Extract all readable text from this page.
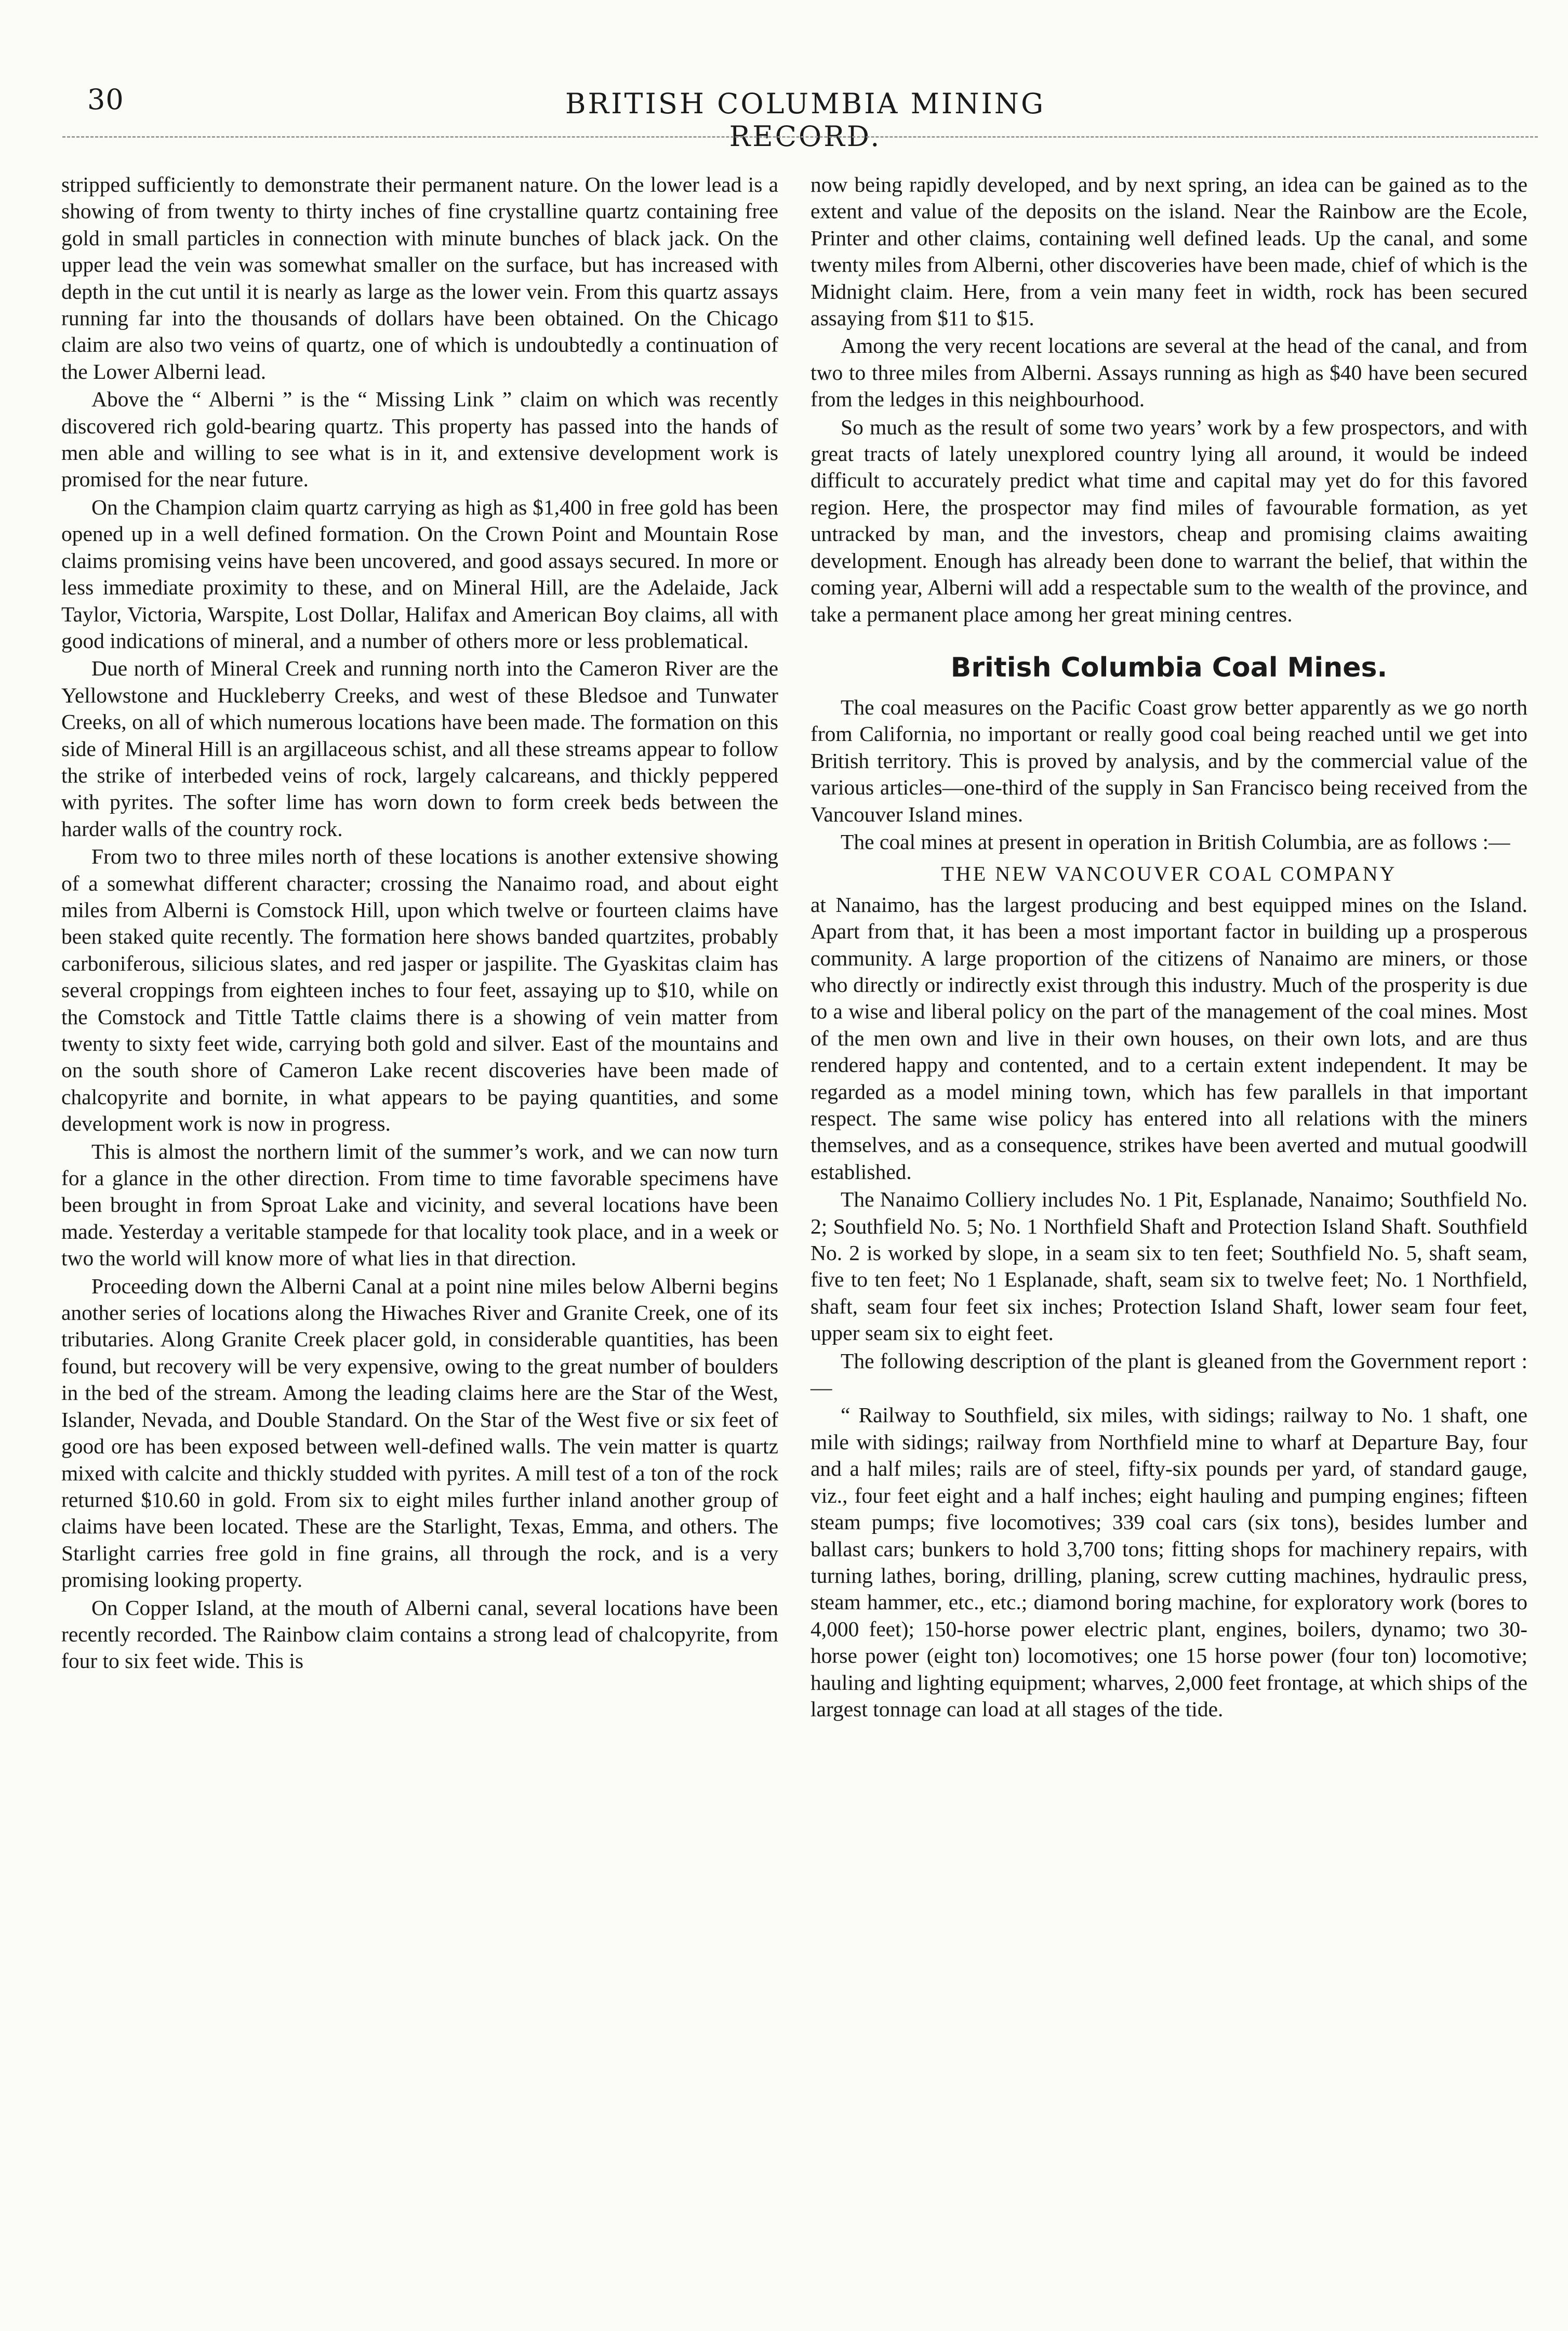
30	BRITISH COLUMBIA MINING RECORD.

stripped sufficiently to demonstrate their permanent nature. On the lower lead is a showing of from twenty to thirty inches of fine crystalline quartz containing free gold in small particles in connection with minute bunches of black jack. On the upper lead the vein was somewhat smaller on the surface, but has increased with depth in the cut until it is nearly as large as the lower vein. From this quartz assays running far into the thousands of dollars have been obtained. On the Chicago claim are also two veins of quartz, one of which is undoubtedly a continuation of the Lower Alberni lead.

Above the “ Alberni ” is the “ Missing Link ” claim on which was recently discovered rich gold-bearing quartz. This property has passed into the hands of men able and willing to see what is in it, and extensive development work is promised for the near future.

On the Champion claim quartz carrying as high as $1,400 in free gold has been opened up in a well defined formation. On the Crown Point and Mountain Rose claims promising veins have been uncovered, and good assays secured. In more or less immediate proximity to these, and on Mineral Hill, are the Adelaide, Jack Taylor, Victoria, Warspite, Lost Dollar, Halifax and American Boy claims, all with good indications of mineral, and a number of others more or less problematical.

Due north of Mineral Creek and running north into the Cameron River are the Yellowstone and Huckleberry Creeks, and west of these Bledsoe and Tunwater Creeks, on all of which numerous locations have been made. The formation on this side of Mineral Hill is an argillaceous schist, and all these streams appear to follow the strike of interbeded veins of rock, largely calcareans, and thickly peppered with pyrites. The softer lime has worn down to form creek beds between the harder walls of the country rock.

From two to three miles north of these locations is another extensive showing of a somewhat different character; crossing the Nanaimo road, and about eight miles from Alberni is Comstock Hill, upon which twelve or fourteen claims have been staked quite recently. The formation here shows banded quartzites, probably carboniferous, silicious slates, and red jasper or jaspilite. The Gyaskitas claim has several croppings from eighteen inches to four feet, assaying up to $10, while on the Comstock and Tittle Tattle claims there is a showing of vein matter from twenty to sixty feet wide, carrying both gold and silver. East of the mountains and on the south shore of Cameron Lake recent discoveries have been made of chalcopyrite and bornite, in what appears to be paying quantities, and some development work is now in progress.

This is almost the northern limit of the summer’s work, and we can now turn for a glance in the other direction. From time to time favorable specimens have been brought in from Sproat Lake and vicinity, and several locations have been made. Yesterday a veritable stampede for that locality took place, and in a week or two the world will know more of what lies in that direction.

Proceeding down the Alberni Canal at a point nine miles below Alberni begins another series of locations along the Hiwaches River and Granite Creek, one of its tributaries. Along Granite Creek placer gold, in considerable quantities, has been found, but recovery will be very expensive, owing to the great number of boulders in the bed of the stream. Among the leading claims here are the Star of the West, Islander, Nevada, and Double Standard. On the Star of the West five or six feet of good ore has been exposed between well-defined walls. The vein matter is quartz mixed with calcite and thickly studded with pyrites. A mill test of a ton of the rock returned $10.60 in gold. From six to eight miles further inland another group of claims have been located. These are the Starlight, Texas, Emma, and others. The Starlight carries free gold in fine grains, all through the rock, and is a very promising looking property.

On Copper Island, at the mouth of Alberni canal, several locations have been recently recorded. The Rainbow claim contains a strong lead of chalcopyrite, from four to six feet wide. This is

now being rapidly developed, and by next spring, an idea can be gained as to the extent and value of the deposits on the island. Near the Rainbow are the Ecole, Printer and other claims, containing well defined leads. Up the canal, and some twenty miles from Alberni, other discoveries have been made, chief of which is the Midnight claim. Here, from a vein many feet in width, rock has been secured assaying from $11 to $15.

Among the very recent locations are several at the head of the canal, and from two to three miles from Alberni. Assays running as high as $40 have been secured from the ledges in this neighbourhood.

So much as the result of some two years’ work by a few prospectors, and with great tracts of lately unexplored country lying all around, it would be indeed difficult to accurately predict what time and capital may yet do for this favored region. Here, the prospector may find miles of favourable formation, as yet untracked by man, and the investors, cheap and promising claims awaiting development. Enough has already been done to warrant the belief, that within the coming year, Alberni will add a respectable sum to the wealth of the province, and take a permanent place among her great mining centres.

British Columbia Coal Mines.

The coal measures on the Pacific Coast grow better apparently as we go north from California, no important or really good coal being reached until we get into British territory. This is proved by analysis, and by the commercial value of the various articles—one-third of the supply in San Francisco being received from the Vancouver Island mines.

The coal mines at present in operation in British Columbia, are as follows :—

THE NEW VANCOUVER COAL COMPANY

at Nanaimo, has the largest producing and best equipped mines on the Island. Apart from that, it has been a most important factor in building up a prosperous community. A large proportion of the citizens of Nanaimo are miners, or those who directly or indirectly exist through this industry. Much of the prosperity is due to a wise and liberal policy on the part of the management of the coal mines. Most of the men own and live in their own houses, on their own lots, and are thus rendered happy and contented, and to a certain extent independent. It may be regarded as a model mining town, which has few parallels in that important respect. The same wise policy has entered into all relations with the miners themselves, and as a consequence, strikes have been averted and mutual goodwill established.

The Nanaimo Colliery includes No. 1 Pit, Esplanade, Nanaimo; Southfield No. 2; Southfield No. 5; No. 1 Northfield Shaft and Protection Island Shaft. Southfield No. 2 is worked by slope, in a seam six to ten feet; Southfield No. 5, shaft seam, five to ten feet; No 1 Esplanade, shaft, seam six to twelve feet; No. 1 Northfield, shaft, seam four feet six inches; Protection Island Shaft, lower seam four feet, upper seam six to eight feet.

The following description of the plant is gleaned from the Government report :—

“ Railway to Southfield, six miles, with sidings; railway to No. 1 shaft, one mile with sidings; railway from Northfield mine to wharf at Departure Bay, four and a half miles; rails are of steel, fifty-six pounds per yard, of standard gauge, viz., four feet eight and a half inches; eight hauling and pumping engines; fifteen steam pumps; five locomotives; 339 coal cars (six tons), besides lumber and ballast cars; bunkers to hold 3,700 tons; fitting shops for machinery repairs, with turning lathes, boring, drilling, planing, screw cutting machines, hydraulic press, steam hammer, etc., etc.; diamond boring machine, for exploratory work (bores to 4,000 feet); 150-horse power electric plant, engines, boilers, dynamo; two 30-horse power (eight ton) locomotives; one 15 horse power (four ton) locomotive; hauling and lighting equipment; wharves, 2,000 feet frontage, at which ships of the largest tonnage can load at all stages of the tide.
